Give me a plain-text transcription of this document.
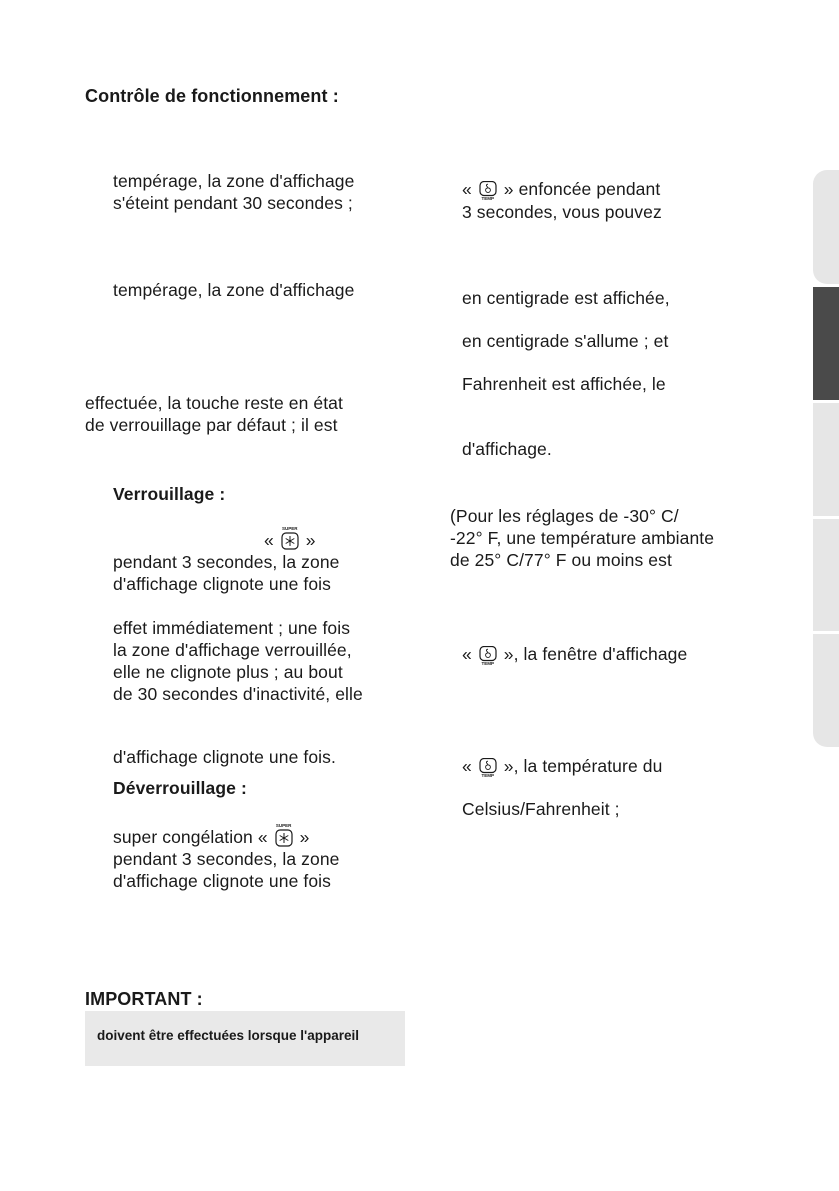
Contrôle de fonctionnement :
tempérage, la zone d'affichage
s'éteint pendant 30 secondes ;
tempérage, la zone d'affichage
effectuée, la touche reste en état
de verrouillage par défaut ; il est
Verrouillage :
«
SUPER
»
pendant 3 secondes, la zone
d'affichage clignote une fois
effet immédiatement ; une fois
la zone d'affichage verrouillée,
elle ne clignote plus ; au bout
de 30 secondes d'inactivité, elle
d'affichage clignote une fois.
Déverrouillage :
super congélation «
SUPER
»
pendant 3 secondes, la zone
d'affichage clignote une fois
IMPORTANT :
doivent être effectuées lorsque l'appareil
«	TEMP » enfoncée pendant
3 secondes, vous pouvez
en centigrade est affichée,
en centigrade s'allume ; et
Fahrenheit est affichée, le
d'affichage.
(Pour les réglages de -30° C/
-22° F, une température ambiante
de 25° C/77° F ou moins est
«	TEMP », la fenêtre d'affichage
«	TEMP », la température du
Celsius/Fahrenheit ;
